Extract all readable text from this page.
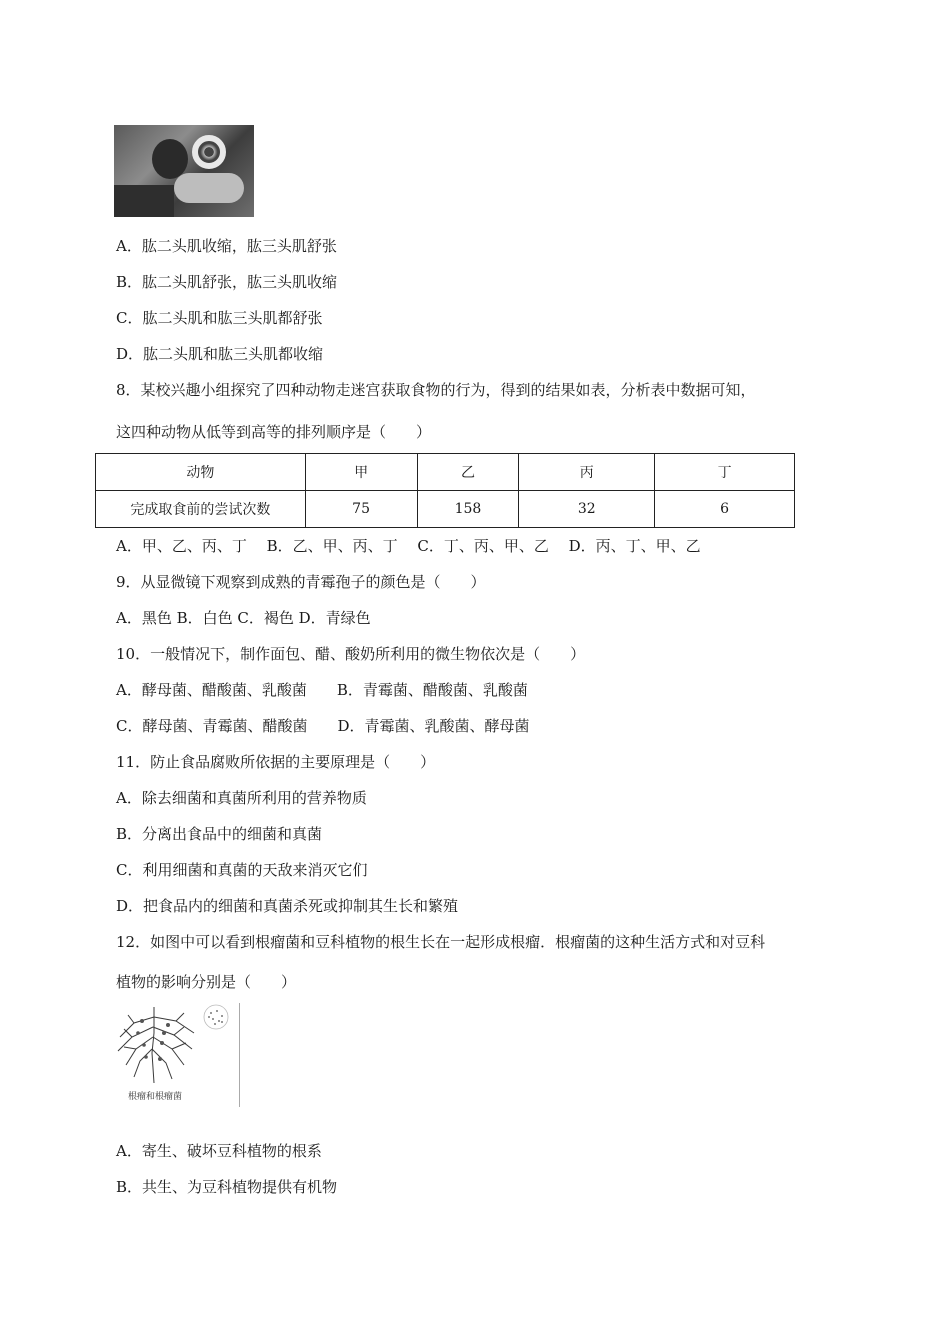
A．肱二头肌收缩，肱三头肌舒张
B．肱二头肌舒张，肱三头肌收缩
C．肱二头肌和肱三头肌都舒张
D．肱二头肌和肱三头肌都收缩
8．某校兴趣小组探究了四种动物走迷宫获取食物的行为，得到的结果如表，分析表中数据可知，
这四种动物从低等到高等的排列顺序是（　　）
动物	甲	乙	丙	丁
完成取食前的尝试次数	75	158	32	6
A．甲、乙、丙、丁　 B．乙、甲、丙、丁　 C．丁、丙、甲、乙　 D．丙、丁、甲、乙
9．从显微镜下观察到成熟的青霉孢子的颜色是（　　）
A．黑色 B．白色 C．褐色 D．青绿色
10．一般情况下，制作面包、醋、酸奶所利用的微生物依次是（　　）
A．酵母菌、醋酸菌、乳酸菌　　B．青霉菌、醋酸菌、乳酸菌
C．酵母菌、青霉菌、醋酸菌　　D．青霉菌、乳酸菌、酵母菌
11．防止食品腐败所依据的主要原理是（　　）
A．除去细菌和真菌所利用的营养物质
B．分离出食品中的细菌和真菌
C．利用细菌和真菌的天敌来消灭它们
D．把食品内的细菌和真菌杀死或抑制其生长和繁殖
12．如图中可以看到根瘤菌和豆科植物的根生长在一起形成根瘤．根瘤菌的这种生活方式和对豆科
植物的影响分别是（　　）
根瘤和根瘤菌
A．寄生、破坏豆科植物的根系
B．共生、为豆科植物提供有机物
